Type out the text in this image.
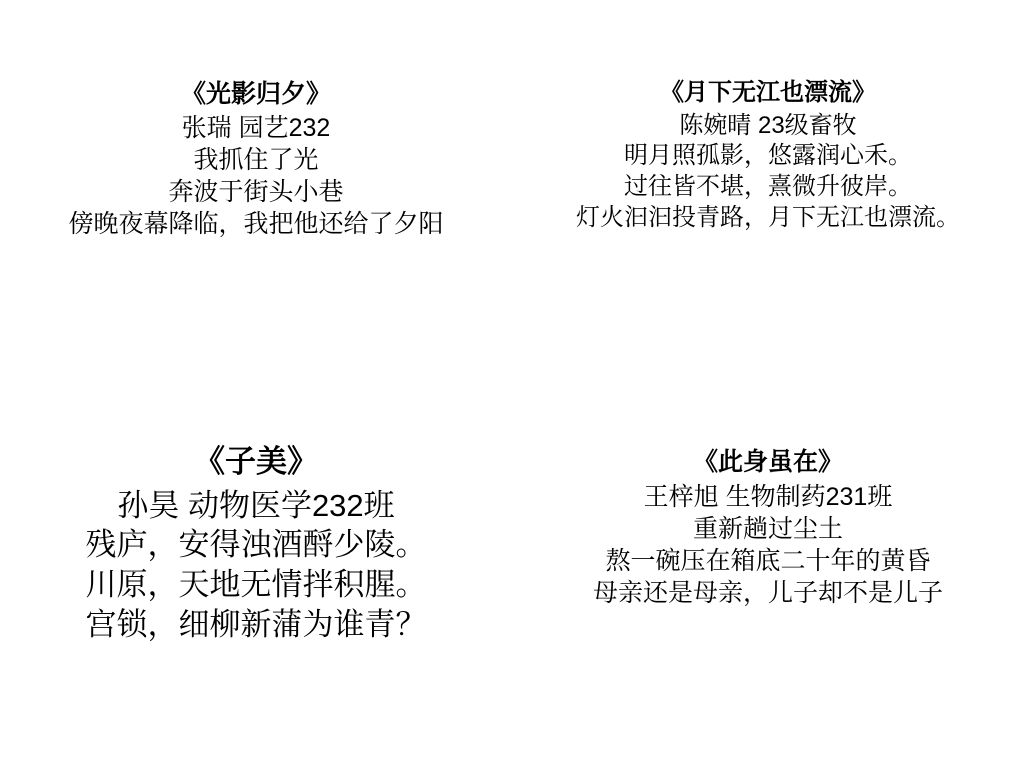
《光影归夕》
张瑞 园艺232
我抓住了光
奔波于街头小巷
傍晚夜幕降临，我把他还给了夕阳
《月下无江也漂流》
陈婉晴 23级畜牧
明月照孤影，悠露润心禾。
过往皆不堪，熹微升彼岸。
灯火汩汩投青路，月下无江也漂流。
《子美》
孙昊 动物医学232班
残庐，安得浊酒酹少陵。
川原，天地无情拌积腥。
宫锁，细柳新蒲为谁青？
《此身虽在》
王梓旭 生物制药231班
重新趟过尘土
熬一碗压在箱底二十年的黄昏
母亲还是母亲，儿子却不是儿子
